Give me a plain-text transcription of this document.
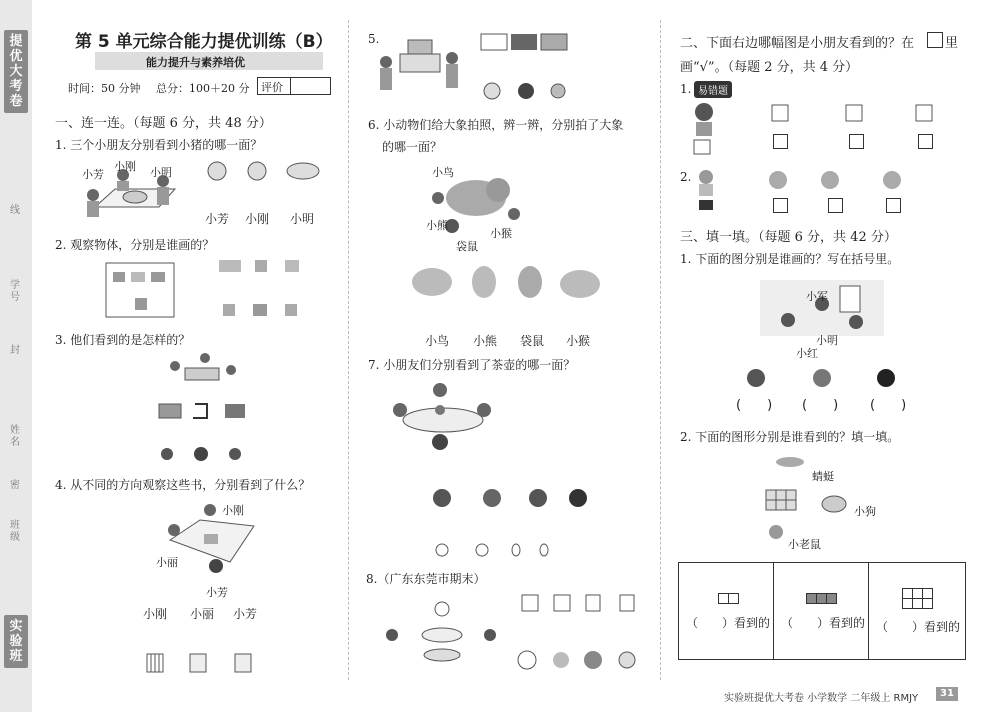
提优大考卷
线
学号
封
姓名
密
班级
实验班
第 5 单元综合能力提优训练（B）
能力提升与素养培优
时间：50 分钟 总分：100＋20 分 评价
一、连一连。（每题 6 分，共 48 分）
1. 三个小朋友分别看到小猪的哪一面？
小芳
小刚 小明
小芳 小刚 小明
2. 观察物体，分别是谁画的？
3. 他们看到的是怎样的？
4. 从不同的方向观察这些书，分别看到了什么？
小刚
小丽
小芳
小刚 小丽 小芳
5.
6. 小动物们给大象拍照，辨一辨，分别拍了大象
的哪一面？
小鸟
小熊
小猴
袋鼠
小鸟 小熊 袋鼠 小猴
7. 小朋友们分别看到了茶壶的哪一面？
8.（广东东莞市期末）
二、下面右边哪幅图是小朋友看到的？在 里
画“√”。（每题 2 分，共 4 分）
1. 易错题
2.
三、填一填。（每题 6 分，共 42 分）
1. 下面的图分别是谁画的？写在括号里。
小军
小明
小红
(　　) (　　) (　　)
2. 下面的图形分别是谁看到的？填一填。
蜻蜓
小狗
小老鼠
（　　）看到的 （　　）看到的 （　　）看到的
实验班提优大考卷 小学数学 二年级上 RMJY 31
